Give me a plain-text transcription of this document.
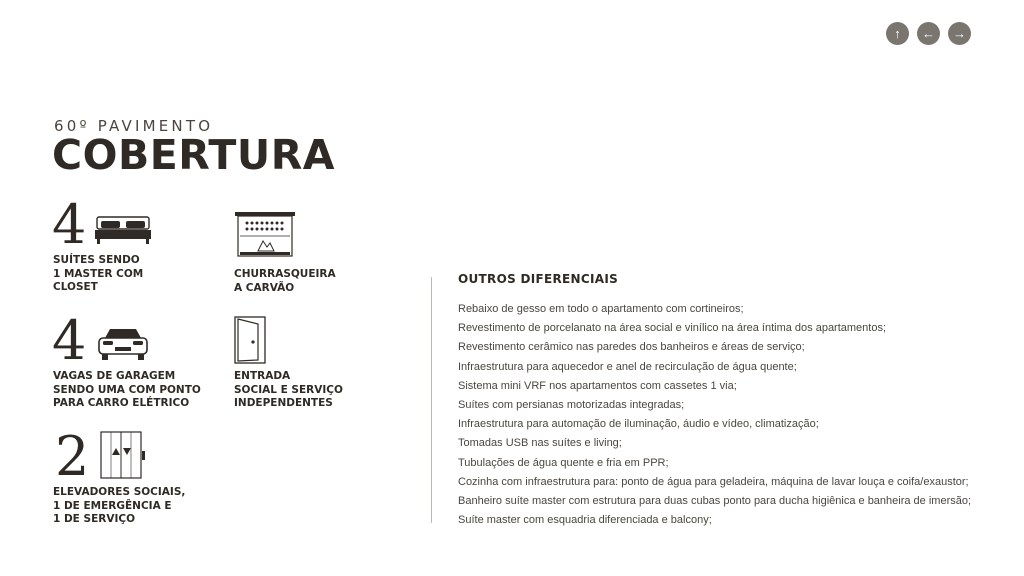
↑ ← →
60º PAVIMENTO
COBERTURA
4
SUÍTES SENDO
1 MASTER COM
CLOSET
CHURRASQUEIRA
A CARVÃO
4
VAGAS DE GARAGEM
SENDO UMA COM PONTO
PARA CARRO ELÉTRICO
ENTRADA
SOCIAL E SERVIÇO
INDEPENDENTES
2
ELEVADORES SOCIAIS,
1 DE EMERGÊNCIA E
1 DE SERVIÇO
OUTROS DIFERENCIAIS
Rebaixo de gesso em todo o apartamento com cortineiros;
Revestimento de porcelanato na área social e vinílico na área íntima dos apartamentos;
Revestimento cerâmico nas paredes dos banheiros e áreas de serviço;
Infraestrutura para aquecedor e anel de recirculação de água quente;
Sistema mini VRF nos apartamentos com cassetes 1 via;
Suítes com persianas motorizadas integradas;
Infraestrutura para automação de iluminação, áudio e vídeo, climatização;
Tomadas USB nas suítes e living;
Tubulações de água quente e fria em PPR;
Cozinha com infraestrutura para: ponto de água para geladeira, máquina de lavar louça e coifa/exaustor;
Banheiro suíte master com estrutura para duas cubas ponto para ducha higiênica e banheira de imersão;
Suíte master com esquadria diferenciada e balcony;
